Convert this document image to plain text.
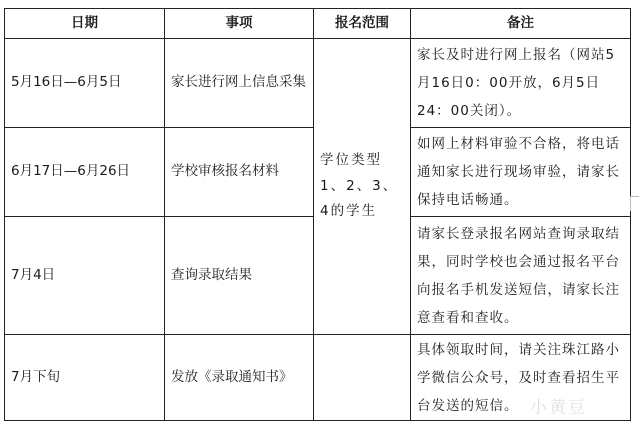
日期	事项	报名范围	备注
5月16日—6月5日	家长进行网上信息采集	学位类型1、2、3、4的学生	家长及时进行网上报名（网站5月16日0：00开放，6月5日24：00关闭）。
6月17日—6月26日	学校审核报名材料		如网上材料审验不合格，将电话通知家长进行现场审验，请家长保持电话畅通。
7月4日	查询录取结果		请家长登录报名网站查询录取结果，同时学校也会通过报名平台向报名手机发送短信，请家长注意查看和查收。
7月下旬	发放《录取通知书》		具体领取时间，请关注珠江路小学微信公众号，及时查看招生平台发送的短信。 小黄豆
